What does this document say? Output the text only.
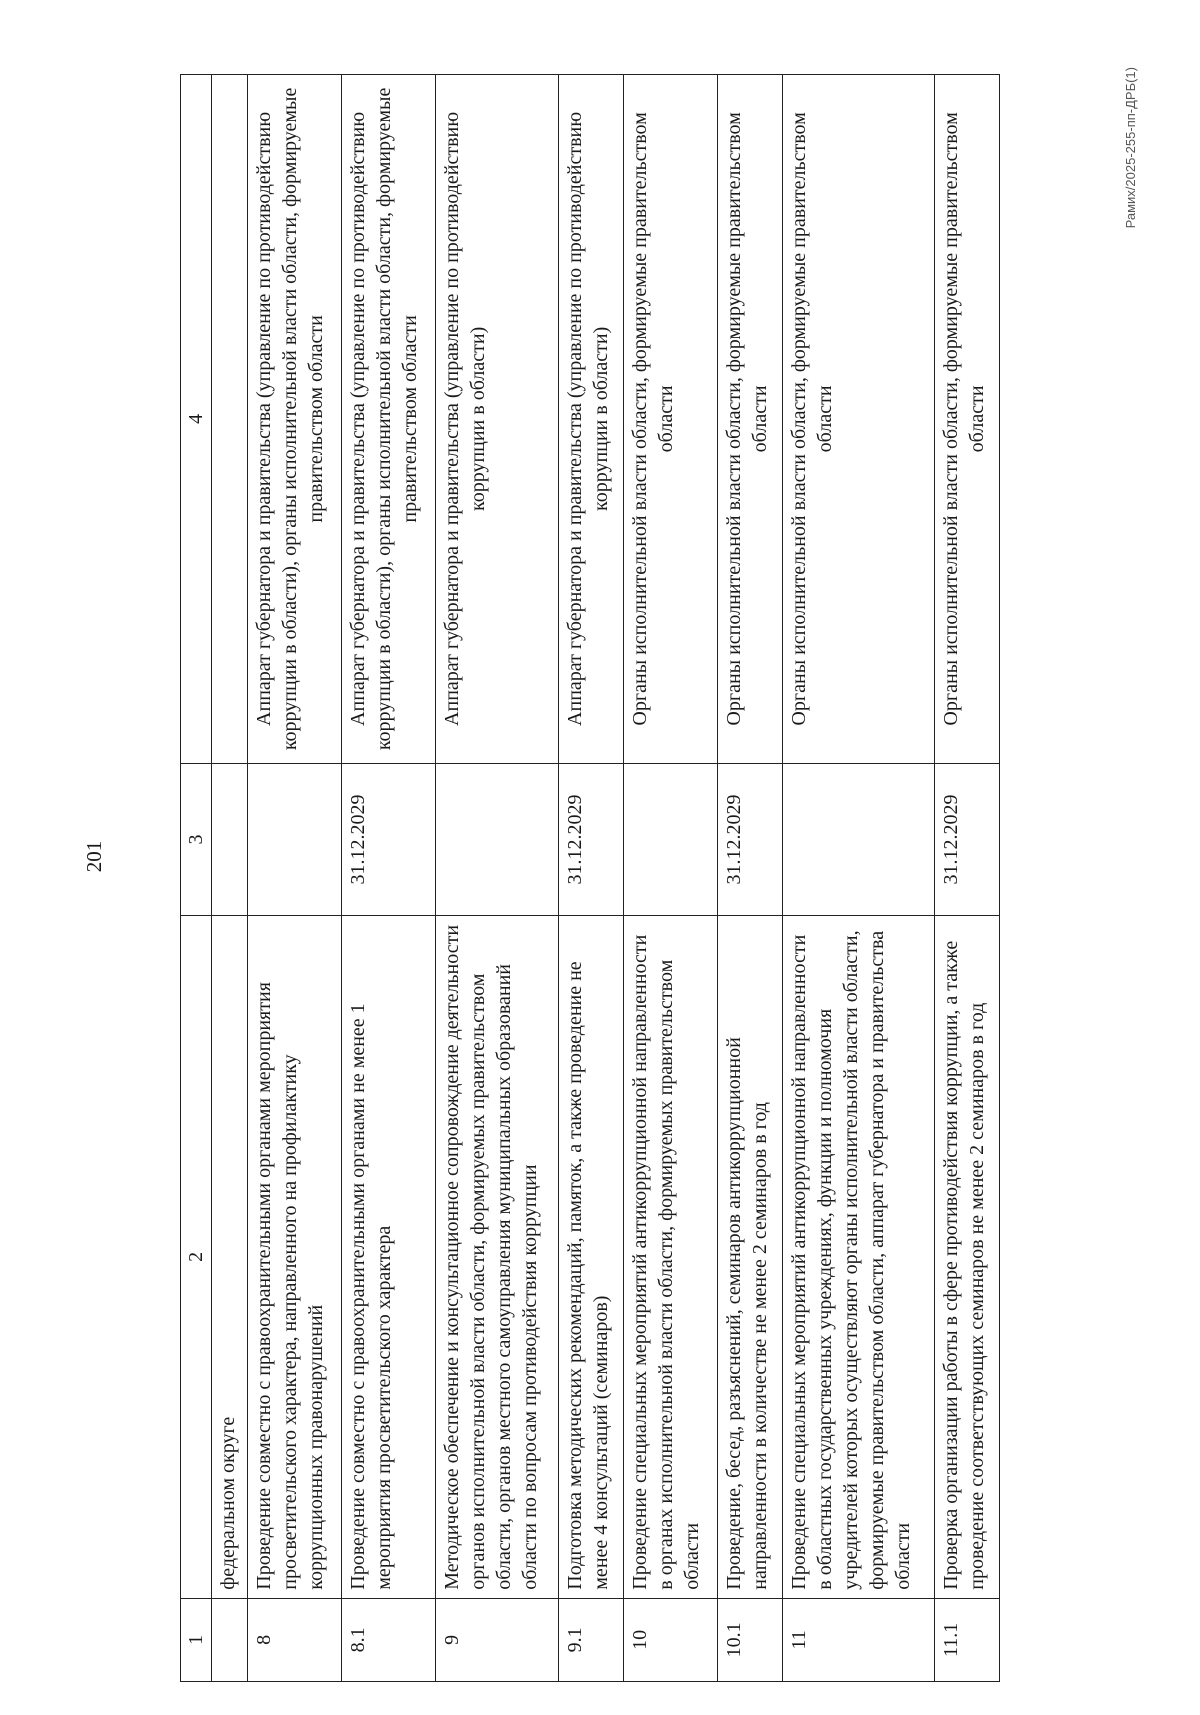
201
1	2	3	4
	федеральном округе		
8	Проведение совместно с правоохранительными органами мероприятия просветительского характера, направленного на профилактику коррупционных правонарушений		Аппарат губернатора и правительства (управление по противодействию коррупции в области), органы исполнительной власти области, формируемые правительством области
8.1	Проведение совместно с правоохранительными органами не менее 1 мероприятия просветительского характера	31.12.2029	Аппарат губернатора и правительства (управление по противодействию коррупции в области), органы исполнительной власти области, формируемые правительством области
9	Методическое обеспечение и консультационное сопровождение деятельности органов исполнительной власти области, формируемых правительством области, органов местного самоуправления муниципальных образований области по вопросам противодействия коррупции		Аппарат губернатора и правительства (управление по противодействию коррупции в области)
9.1	Подготовка методических рекомендаций, памяток, а также проведение не менее 4 консультаций (семинаров)	31.12.2029	Аппарат губернатора и правительства (управление по противодействию коррупции в области)
10	Проведение специальных мероприятий антикоррупционной направленности в органах исполнительной власти области, формируемых правительством области		Органы исполнительной власти области, формируемые правительством области
10.1	Проведение, бесед, разъяснений, семинаров антикоррупционной направленности в количестве не менее 2 семинаров в год	31.12.2029	Органы исполнительной власти области, формируемые правительством области
11	Проведение специальных мероприятий антикоррупционной направленности в областных государственных учреждениях, функции и полномочия учредителей которых осуществляют органы исполнительной власти области, формируемые правительством области, аппарат губернатора и правительства области		Органы исполнительной власти области, формируемые правительством области
11.1	Проверка организации работы в сфере противодействия коррупции, а также проведение соответствующих семинаров не менее 2 семинаров в год	31.12.2029	Органы исполнительной власти области, формируемые правительством области
Рамих/2025-255-пп-ДРБ(1)
